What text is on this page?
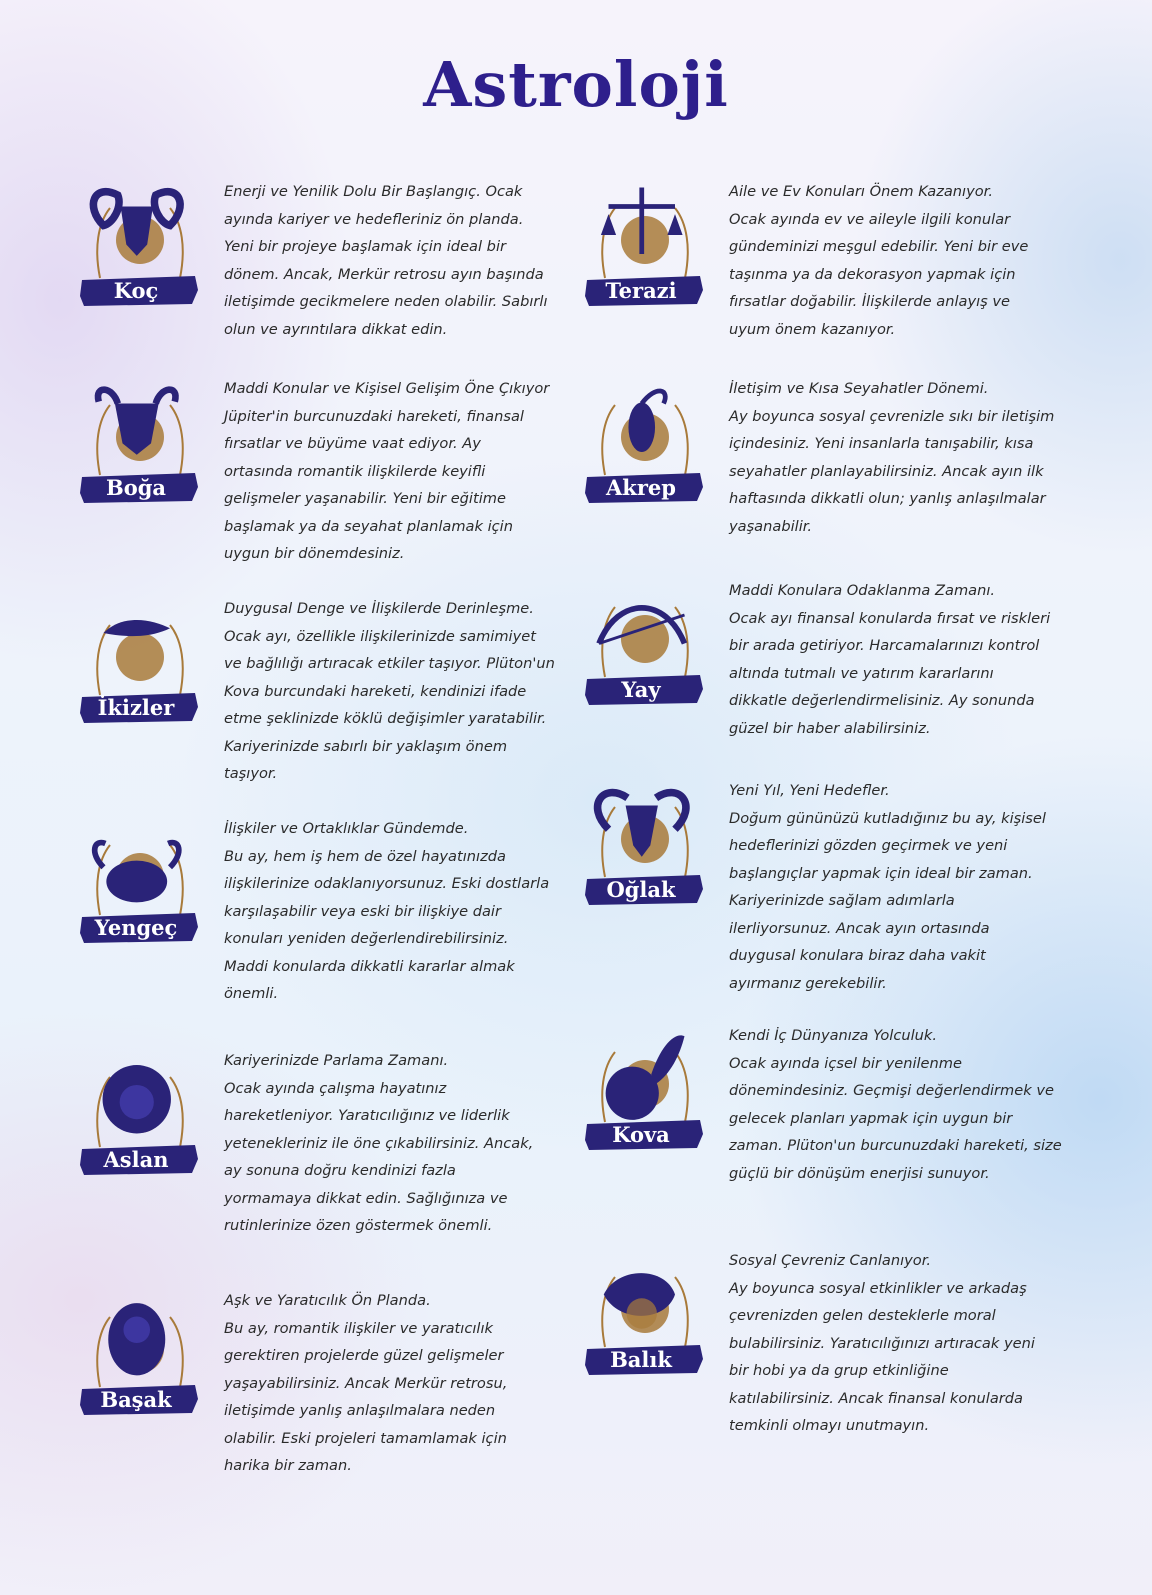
Astroloji
Koç
Enerji ve Yenilik Dolu Bir Başlangıç. Ocak
ayında kariyer ve hedefleriniz ön planda.
Yeni bir projeye başlamak için ideal bir
dönem. Ancak, Merkür retrosu ayın başında
iletişimde gecikmelere neden olabilir. Sabırlı
olun ve ayrıntılara dikkat edin.
Boğa
Maddi Konular ve Kişisel Gelişim Öne Çıkıyor
Jüpiter'in burcunuzdaki hareketi, finansal
fırsatlar ve büyüme vaat ediyor. Ay
ortasında romantik ilişkilerde keyifli
gelişmeler yaşanabilir. Yeni bir eğitime
başlamak ya da seyahat planlamak için
uygun bir dönemdesiniz.
İkizler
Duygusal Denge ve İlişkilerde Derinleşme.
Ocak ayı, özellikle ilişkilerinizde samimiyet
ve bağlılığı artıracak etkiler taşıyor. Plüton'un
Kova burcundaki hareketi, kendinizi ifade
etme şeklinizde köklü değişimler yaratabilir.
Kariyerinizde sabırlı bir yaklaşım önem
taşıyor.
Yengeç
İlişkiler ve Ortaklıklar Gündemde.
Bu ay, hem iş hem de özel hayatınızda
ilişkilerinize odaklanıyorsunuz. Eski dostlarla
karşılaşabilir veya eski bir ilişkiye dair
konuları yeniden değerlendirebilirsiniz.
Maddi konularda dikkatli kararlar almak
önemli.
Aslan
Kariyerinizde Parlama Zamanı.
Ocak ayında çalışma hayatınız
hareketleniyor. Yaratıcılığınız ve liderlik
yetenekleriniz ile öne çıkabilirsiniz. Ancak,
ay sonuna doğru kendinizi fazla
yormamaya dikkat edin. Sağlığınıza ve
rutinlerinize özen göstermek önemli.
Başak
Aşk ve Yaratıcılık Ön Planda.
Bu ay, romantik ilişkiler ve yaratıcılık
gerektiren projelerde güzel gelişmeler
yaşayabilirsiniz. Ancak Merkür retrosu,
iletişimde yanlış anlaşılmalara neden
olabilir. Eski projeleri tamamlamak için
harika bir zaman.
Terazi
Aile ve Ev Konuları Önem Kazanıyor.
Ocak ayında ev ve aileyle ilgili konular
gündeminizi meşgul edebilir. Yeni bir eve
taşınma ya da dekorasyon yapmak için
fırsatlar doğabilir. İlişkilerde anlayış ve
uyum önem kazanıyor.
Akrep
İletişim ve Kısa Seyahatler Dönemi.
Ay boyunca sosyal çevrenizle sıkı bir iletişim
içindesiniz. Yeni insanlarla tanışabilir, kısa
seyahatler planlayabilirsiniz. Ancak ayın ilk
haftasında dikkatli olun; yanlış anlaşılmalar
yaşanabilir.
Yay
Maddi Konulara Odaklanma Zamanı.
Ocak ayı finansal konularda fırsat ve riskleri
bir arada getiriyor. Harcamalarınızı kontrol
altında tutmalı ve yatırım kararlarını
dikkatle değerlendirmelisiniz. Ay sonunda
güzel bir haber alabilirsiniz.
Oğlak
Yeni Yıl, Yeni Hedefler.
Doğum gününüzü kutladığınız bu ay, kişisel
hedeflerinizi gözden geçirmek ve yeni
başlangıçlar yapmak için ideal bir zaman.
Kariyerinizde sağlam adımlarla
ilerliyorsunuz. Ancak ayın ortasında
duygusal konulara biraz daha vakit
ayırmanız gerekebilir.
Kova
Kendi İç Dünyanıza Yolculuk.
Ocak ayında içsel bir yenilenme
dönemindesiniz. Geçmişi değerlendirmek ve
gelecek planları yapmak için uygun bir
zaman. Plüton'un burcunuzdaki hareketi, size
güçlü bir dönüşüm enerjisi sunuyor.
Balık
Sosyal Çevreniz Canlanıyor.
Ay boyunca sosyal etkinlikler ve arkadaş
çevrenizden gelen desteklerle moral
bulabilirsiniz. Yaratıcılığınızı artıracak yeni
bir hobi ya da grup etkinliğine
katılabilirsiniz. Ancak finansal konularda
temkinli olmayı unutmayın.
